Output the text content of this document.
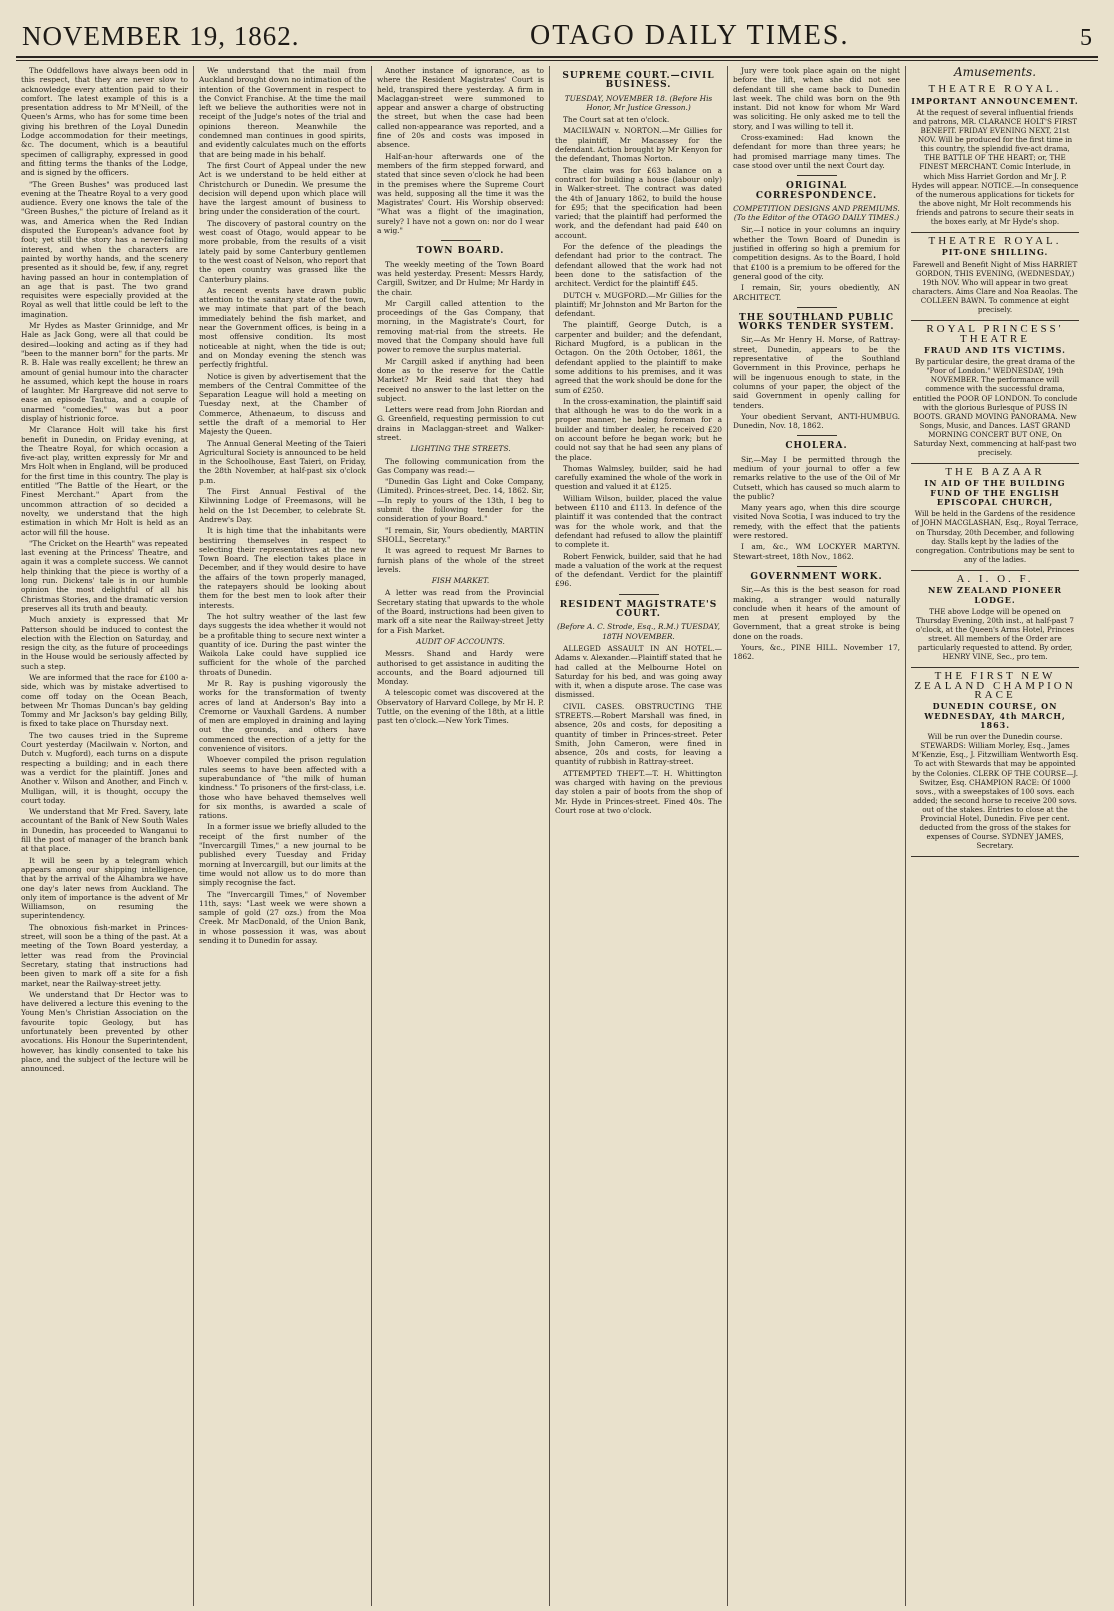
NOVEMBER 19, 1862.	OTAGO DAILY TIMES.	5

The Oddfellows have always been odd in this respect, that they are never slow to acknowledge every attention paid to their comfort. The latest example of this is a presentation address to Mr M'Neill, of the Queen's Arms, who has for some time been giving his brethren of the Loyal Dunedin Lodge accommodation for their meetings, &c. The document, which is a beautiful specimen of calligraphy, expressed in good and fitting terms the thanks of the Lodge, and is signed by the officers.

"The Green Bushes" was produced last evening at the Theatre Royal to a very good audience. Every one knows the tale of the "Green Bushes," the picture of Ireland as it was, and America when the Red Indian disputed the European's advance foot by foot; yet still the story has a never-failing interest, and when the characters are painted by worthy hands, and the scenery presented as it should be, few, if any, regret having passed an hour in contemplation of an age that is past. The two grand requisites were especially provided at the Royal as well that little could be left to the imagination.

Mr Hydes as Master Grinnidge, and Mr Hale as Jack Gong, were all that could be desired—looking and acting as if they had "been to the manner born" for the parts. Mr R. B. Hale was really excellent; he threw an amount of genial humour into the character he assumed, which kept the house in roars of laughter. Mr Hargreave did not serve to ease an episode Tautua, and a couple of unarmed "comedies," was but a poor display of histrionic force.

Mr Clarance Holt will take his first benefit in Dunedin, on Friday evening, at the Theatre Royal, for which occasion a five-act play, written expressly for Mr and Mrs Holt when in England, will be produced for the first time in this country. The play is entitled "The Battle of the Heart, or the Finest Merchant." Apart from the uncommon attraction of so decided a novelty, we understand that the high estimation in which Mr Holt is held as an actor will fill the house.

"The Cricket on the Hearth" was repeated last evening at the Princess' Theatre, and again it was a complete success. We cannot help thinking that the piece is worthy of a long run. Dickens' tale is in our humble opinion the most delightful of all his Christmas Stories, and the dramatic version preserves all its truth and beauty.

Much anxiety is expressed that Mr Patterson should be induced to contest the election with the Election on Saturday, and resign the city, as the future of proceedings in the House would be seriously affected by such a step.

We are informed that the race for £100 a-side, which was by mistake advertised to come off today on the Ocean Beach, between Mr Thomas Duncan's bay gelding Tommy and Mr Jackson's bay gelding Billy, is fixed to take place on Thursday next.

The two causes tried in the Supreme Court yesterday (Macilwain v. Norton, and Dutch v. Mugford), each turns on a dispute respecting a building; and in each there was a verdict for the plaintiff. Jones and Another v. Wilson and Another, and Finch v. Mulligan, will, it is thought, occupy the court today.

We understand that Mr Fred. Savery, late accountant of the Bank of New South Wales in Dunedin, has proceeded to Wanganui to fill the post of manager of the branch bank at that place.

It will be seen by a telegram which appears among our shipping intelligence, that by the arrival of the Alhambra we have one day's later news from Auckland. The only item of importance is the advent of Mr Williamson, on resuming the superintendency.

The obnoxious fish-market in Princes-street, will soon be a thing of the past. At a meeting of the Town Board yesterday, a letter was read from the Provincial Secretary, stating that instructions had been given to mark off a site for a fish market, near the Railway-street jetty.

We understand that Dr Hector was to have delivered a lecture this evening to the Young Men's Christian Association on the favourite topic Geology, but has unfortunately been prevented by other avocations. His Honour the Superintendent, however, has kindly consented to take his place, and the subject of the lecture will be announced.

We understand that the mail from Auckland brought down no intimation of the intention of the Government in respect to the Convict Franchise. At the time the mail left we believe the authorities were not in receipt of the Judge's notes of the trial and opinions thereon. Meanwhile the condemned man continues in good spirits, and evidently calculates much on the efforts that are being made in his behalf.

The first Court of Appeal under the new Act is we understand to be held either at Christchurch or Dunedin. We presume the decision will depend upon which place will have the largest amount of business to bring under the consideration of the court.

The discovery of pastoral country on the west coast of Otago, would appear to be more probable, from the results of a visit lately paid by some Canterbury gentlemen to the west coast of Nelson, who report that the open country was grassed like the Canterbury plains.

As recent events have drawn public attention to the sanitary state of the town, we may intimate that part of the beach immediately behind the fish market, and near the Government offices, is being in a most offensive condition. Its most noticeable at night, when the tide is out; and on Monday evening the stench was perfectly frightful.

Notice is given by advertisement that the members of the Central Committee of the Separation League will hold a meeting on Tuesday next, at the Chamber of Commerce, Athenaeum, to discuss and settle the draft of a memorial to Her Majesty the Queen.

The Annual General Meeting of the Taieri Agricultural Society is announced to be held in the Schoolhouse, East Taieri, on Friday, the 28th November, at half-past six o'clock p.m.

The First Annual Festival of the Kilwinning Lodge of Freemasons, will be held on the 1st December, to celebrate St. Andrew's Day.

It is high time that the inhabitants were bestirring themselves in respect to selecting their representatives at the new Town Board. The election takes place in December, and if they would desire to have the affairs of the town properly managed, the ratepayers should be looking about them for the best men to look after their interests.

The hot sultry weather of the last few days suggests the idea whether it would not be a profitable thing to secure next winter a quantity of ice. During the past winter the Waikola Lake could have supplied ice sufficient for the whole of the parched throats of Dunedin.

Mr R. Ray is pushing vigorously the works for the transformation of twenty acres of land at Anderson's Bay into a Cremorne or Vauxhall Gardens. A number of men are employed in draining and laying out the grounds, and others have commenced the erection of a jetty for the convenience of visitors.

Whoever compiled the prison regulation rules seems to have been affected with a superabundance of "the milk of human kindness." To prisoners of the first-class, i.e. those who have behaved themselves well for six months, is awarded a scale of rations.

In a former issue we briefly alluded to the receipt of the first number of the "Invercargill Times," a new journal to be published every Tuesday and Friday morning at Invercargill, but our limits at the time would not allow us to do more than simply recognise the fact.

The "Invercargill Times," of November 11th, says: "Last week we were shown a sample of gold (27 ozs.) from the Moa Creek. Mr MacDonald, of the Union Bank, in whose possession it was, was about sending it to Dunedin for assay.

Another instance of ignorance, as to where the Resident Magistrates' Court is held, transpired there yesterday. A firm in Maclaggan-street were summoned to appear and answer a charge of obstructing the street, but when the case had been called non-appearance was reported, and a fine of 20s and costs was imposed in absence.

Half-an-hour afterwards one of the members of the firm stepped forward, and stated that since seven o'clock he had been in the premises where the Supreme Court was held, supposing all the time it was the Magistrates' Court. His Worship observed: "What was a flight of the imagination, surely? I have not a gown on: nor do I wear a wig."

TOWN BOARD.

The weekly meeting of the Town Board was held yesterday. Present: Messrs Hardy, Cargill, Switzer, and Dr Hulme; Mr Hardy in the chair.

Mr Cargill called attention to the proceedings of the Gas Company, that morning, in the Magistrate's Court, for removing mat-rial from the streets. He moved that the Company should have full power to remove the surplus material.

Mr Cargill asked if anything had been done as to the reserve for the Cattle Market? Mr Reid said that they had received no answer to the last letter on the subject.

Letters were read from John Riordan and G. Greenfield, requesting permission to cut drains in Maclaggan-street and Walker-street.

LIGHTING THE STREETS.

The following communication from the Gas Company was read:—

"Dunedin Gas Light and Coke Company, (Limited). Princes-street, Dec. 14, 1862. Sir,—In reply to yours of the 13th, I beg to submit the following tender for the consideration of your Board."

"I remain, Sir, Yours obediently, MARTIN SHOLL, Secretary."

It was agreed to request Mr Barnes to furnish plans of the whole of the street levels.

FISH MARKET.

A letter was read from the Provincial Secretary stating that upwards to the whole of the Board, instructions had been given to mark off a site near the Railway-street Jetty for a Fish Market.

AUDIT OF ACCOUNTS.

Messrs. Shand and Hardy were authorised to get assistance in auditing the accounts, and the Board adjourned till Monday.

A telescopic comet was discovered at the Observatory of Harvard College, by Mr H. P. Tuttle, on the evening of the 18th, at a little past ten o'clock.—New York Times.

SUPREME COURT.—CIVIL BUSINESS.
TUESDAY, NOVEMBER 18. (Before His Honor, Mr Justice Gresson.)

The Court sat at ten o'clock.

MACILWAIN v. NORTON.—Mr Gillies for the plaintiff, Mr Macassey for the defendant. Action brought by Mr Kenyon for the defendant, Thomas Norton.

The claim was for £63 balance on a contract for building a house (labour only) in Walker-street. The contract was dated the 4th of January 1862, to build the house for £95; that the specification had been varied; that the plaintiff had performed the work, and the defendant had paid £40 on account.

For the defence of the pleadings the defendant had prior to the contract. The defendant allowed that the work had not been done to the satisfaction of the architect. Verdict for the plaintiff £45.

DUTCH v. MUGFORD.—Mr Gillies for the plaintiff; Mr Johnston and Mr Barton for the defendant.

The plaintiff, George Dutch, is a carpenter and builder; and the defendant, Richard Mugford, is a publican in the Octagon. On the 20th October, 1861, the defendant applied to the plaintiff to make some additions to his premises, and it was agreed that the work should be done for the sum of £250.

In the cross-examination, the plaintiff said that although he was to do the work in a proper manner, he being foreman for a builder and timber dealer, he received £20 on account before he began work; but he could not say that he had seen any plans of the place.

Thomas Walmsley, builder, said he had carefully examined the whole of the work in question and valued it at £125.

William Wilson, builder, placed the value between £110 and £113. In defence of the plaintiff it was contended that the contract was for the whole work, and that the defendant had refused to allow the plaintiff to complete it.

Robert Fenwick, builder, said that he had made a valuation of the work at the request of the defendant. Verdict for the plaintiff £96.

RESIDENT MAGISTRATE'S COURT.
(Before A. C. Strode, Esq., R.M.) TUESDAY, 18TH NOVEMBER.

ALLEGED ASSAULT IN AN HOTEL.—Adams v. Alexander.—Plaintiff stated that he had called at the Melbourne Hotel on Saturday for his bed, and was going away with it, when a dispute arose. The case was dismissed.

CIVIL CASES. OBSTRUCTING THE STREETS.—Robert Marshall was fined, in absence, 20s and costs, for depositing a quantity of timber in Princes-street. Peter Smith, John Cameron, were fined in absence, 20s and costs, for leaving a quantity of rubbish in Rattray-street.

ATTEMPTED THEFT.—T. H. Whittington was charged with having on the previous day stolen a pair of boots from the shop of Mr. Hyde in Princes-street. Fined 40s. The Court rose at two o'clock.

Jury were took place again on the night before the lift, when she did not see defendant till she came back to Dunedin last week. The child was born on the 9th instant. Did not know for whom Mr Ward was soliciting. He only asked me to tell the story, and I was willing to tell it.

Cross-examined: Had known the defendant for more than three years; he had promised marriage many times. The case stood over until the next Court day.

ORIGINAL CORRESPONDENCE.
COMPETITION DESIGNS AND PREMIUMS. (To the Editor of the OTAGO DAILY TIMES.)

Sir,—I notice in your columns an inquiry whether the Town Board of Dunedin is justified in offering so high a premium for competition designs. As to the Board, I hold that £100 is a premium to be offered for the general good of the city.

I remain, Sir, yours obediently, AN ARCHITECT.

THE SOUTHLAND PUBLIC WORKS TENDER SYSTEM.

Sir,—As Mr Henry H. Morse, of Rattray-street, Dunedin, appears to be the representative of the Southland Government in this Province, perhaps he will be ingenuous enough to state, in the columns of your paper, the object of the said Government in openly calling for tenders.

Your obedient Servant, ANTI-HUMBUG. Dunedin, Nov. 18, 1862.

CHOLERA.

Sir,—May I be permitted through the medium of your journal to offer a few remarks relative to the use of the Oil of Mr Cutsett, which has caused so much alarm to the public?

Many years ago, when this dire scourge visited Nova Scotia, I was induced to try the remedy, with the effect that the patients were restored.

I am, &c., WM LOCKYER MARTYN. Stewart-street, 18th Nov., 1862.

GOVERNMENT WORK.

Sir,—As this is the best season for road making, a stranger would naturally conclude when it hears of the amount of men at present employed by the Government, that a great stroke is being done on the roads.

Yours, &c., PINE HILL. November 17, 1862.

Amusements.
THEATRE ROYAL.
IMPORTANT ANNOUNCEMENT.
At the request of several influential friends and patrons, MR. CLARANCE HOLT'S FIRST BENEFIT. FRIDAY EVENING NEXT, 21st NOV. Will be produced for the first time in this country, the splendid five-act drama, THE BATTLE OF THE HEART; or, THE FINEST MERCHANT. Comic Interlude, in which Miss Harriet Gordon and Mr J. P. Hydes will appear. NOTICE.—In consequence of the numerous applications for tickets for the above night, Mr Holt recommends his friends and patrons to secure their seats in the boxes early, at Mr Hyde's shop.
THEATRE ROYAL.
PIT-ONE SHILLING.
Farewell and Benefit Night of Miss HARRIET GORDON, THIS EVENING, (WEDNESDAY,) 19th NOV. Who will appear in two great characters. Aims Clare and Noa Reaolas. The COLLEEN BAWN. To commence at eight precisely.
ROYAL PRINCESS' THEATRE
FRAUD AND ITS VICTIMS.
By particular desire, the great drama of the "Poor of London." WEDNESDAY, 19th NOVEMBER. The performance will commence with the successful drama, entitled the POOR OF LONDON. To conclude with the glorious Burlesque of PUSS IN BOOTS. GRAND MOVING PANORAMA. New Songs, Music, and Dances. LAST GRAND MORNING CONCERT BUT ONE, On Saturday Next, commencing at half-past two precisely.
THE BAZAAR
IN AID OF THE BUILDING FUND OF THE ENGLISH EPISCOPAL CHURCH,
Will be held in the Gardens of the residence of JOHN MACGLASHAN, Esq., Royal Terrace, on Thursday, 20th December, and following day. Stalls kept by the ladies of the congregation. Contributions may be sent to any of the ladies.
A. I. O. F.
NEW ZEALAND PIONEER LODGE.
THE above Lodge will be opened on Thursday Evening, 20th inst., at half-past 7 o'clock, at the Queen's Arms Hotel, Princes street. All members of the Order are particularly requested to attend. By order, HENRY VINE, Sec., pro tem.
THE FIRST NEW ZEALAND CHAMPION RACE
DUNEDIN COURSE, ON WEDNESDAY, 4th MARCH, 1863.
Will be run over the Dunedin course. STEWARDS: William Morley, Esq., James M'Kenzie, Esq., J. Fitzwilliam Wentworth Esq. To act with Stewards that may be appointed by the Colonies. CLERK OF THE COURSE—J. Switzer, Esq. CHAMPION RACE: Of 1000 sovs., with a sweepstakes of 100 sovs. each added; the second horse to receive 200 sovs. out of the stakes. Entries to close at the Provincial Hotel, Dunedin. Five per cent. deducted from the gross of the stakes for expenses of Course. SYDNEY JAMES, Secretary.
